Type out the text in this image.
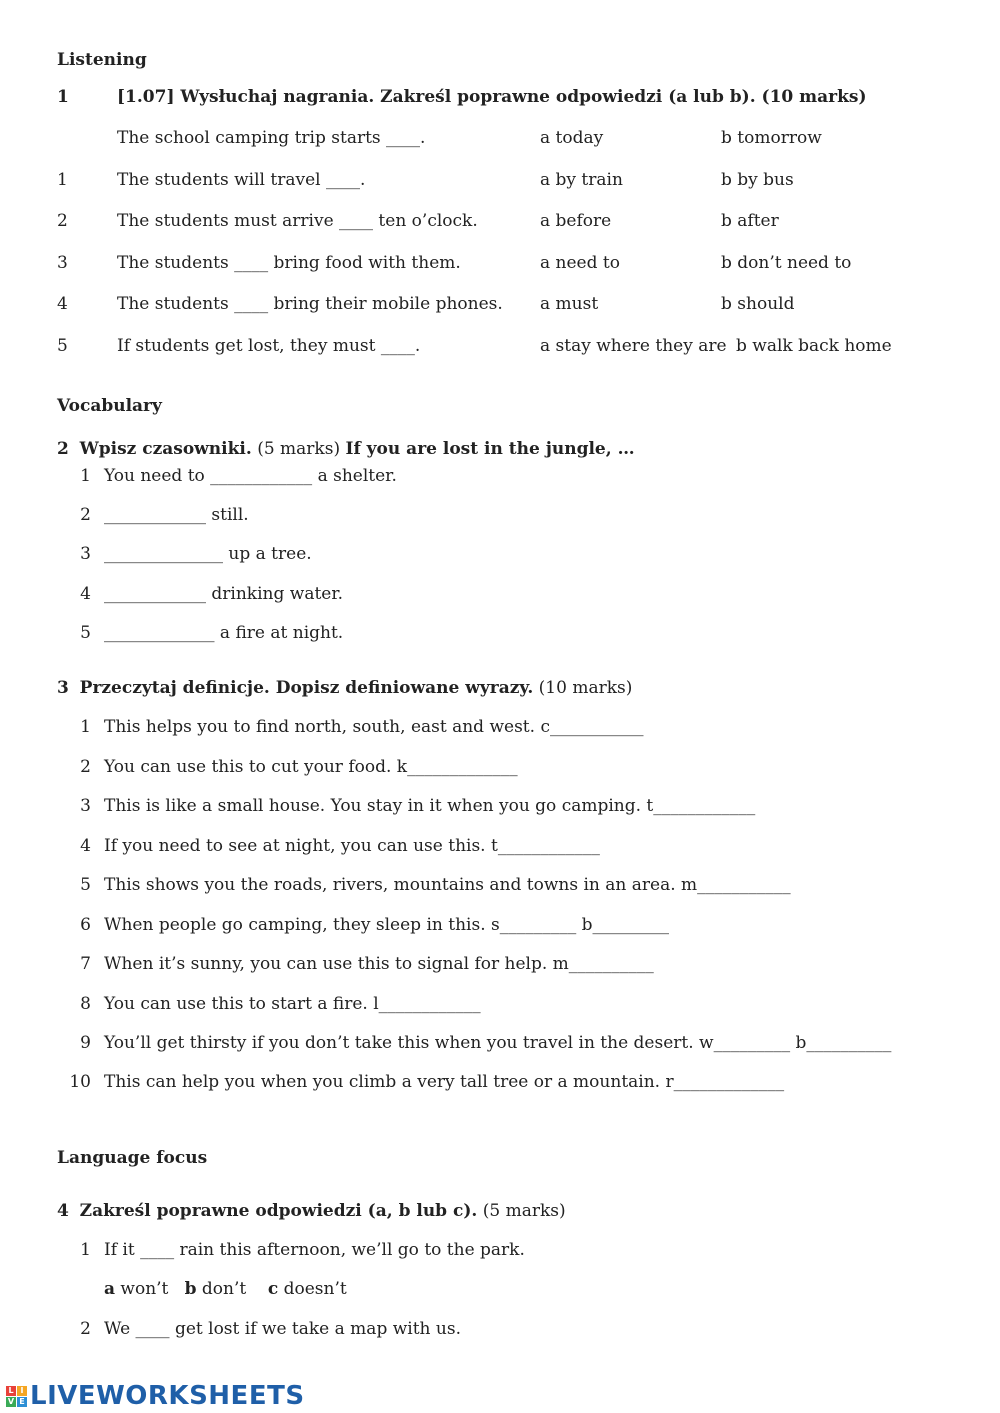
Listening
1	[1.07] Wysłuchaj nagrania. Zakreśl poprawne odpowiedzi (a lub b). (10 marks)
The school camping trip starts ____.	a today	b tomorrow
1	The students will travel ____.	a by train	b by bus
2	The students must arrive ____ ten o’clock.	a before	b after
3	The students ____ bring food with them.	a need to	b don’t need to
4	The students ____ bring their mobile phones. a must	b should
5	If students get lost, they must ____.	a stay where they are b walk back home
Vocabulary
2 Wpisz czasowniki. (5 marks) If you are lost in the jungle, …
1 You need to ____________ a shelter.
2 ____________ still.
3 ______________ up a tree.
4 ____________ drinking water.
5 _____________ a fire at night.
3 Przeczytaj definicje. Dopisz definiowane wyrazy. (10 marks)
1 This helps you to find north, south, east and west. c___________
2 You can use this to cut your food. k_____________
3 This is like a small house. You stay in it when you go camping. t____________
4 If you need to see at night, you can use this. t____________
5 This shows you the roads, rivers, mountains and towns in an area. m___________
6 When people go camping, they sleep in this. s_________ b_________
7 When it’s sunny, you can use this to signal for help. m__________
8 You can use this to start a fire. l____________
9 You’ll get thirsty if you don’t take this when you travel in the desert. w_________ b__________
10 This can help you when you climb a very tall tree or a mountain. r_____________
Language focus
4 Zakreśl poprawne odpowiedzi (a, b lub c). (5 marks)
1 If it ____ rain this afternoon, we’ll go to the park.
a won’t b don’t c doesn’t
2 We ____ get lost if we take a map with us.
L I
V E LIVEWORKSHEETS
